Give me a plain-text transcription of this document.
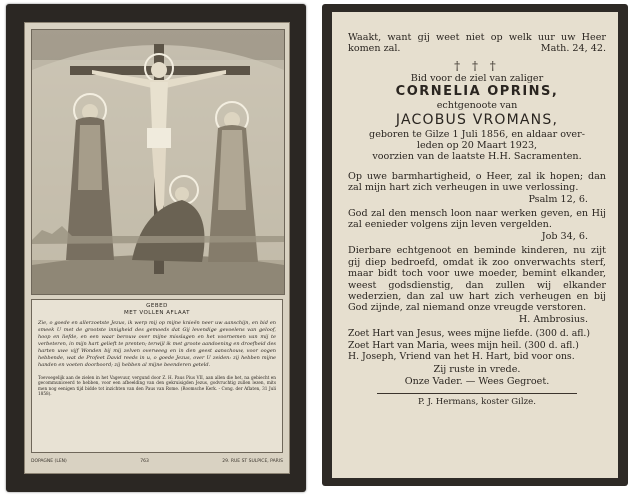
GEBED
MET VOLLEN AFLAAT
Zie, o goede en allerzoetste Jezus, ik werp mij op mijne knieën neer uw aanschijn, en bid en smeek U met de grootste innigheid des gemoeds dat Gij levendige gevoelens van geloof, hoop en liefde, en een waar berouw over mijne misslagen en het voornemen van mij te verbeteren, in mijn hart gelieft te prenten; terwijl ik met groote aandoening en droefheid des harten uwe vijf Wonden bij mij zelven overweeg en in den geest aanschouw, voor oogen hebbende, wat de Profeet David reeds in u, o goede Jezus, over U zeiden: zij hebben mijne handen en voeten doorboord; zij hebben al mijne beenderen geteld.
Toevoegelijk aan de zielen in het Vagevuur, vergund door Z. H. Paus Pius VII, aan allen die het, na gebiecht en gecommuniceerd te hebben, voor een afbeelding van den gekruisigden Jezus, godvruchtig zullen lezen, mits men nog eenigen tijd bidde tot inzichten van den Paus van Rome. (Roomsche Kerk. - Cong. der Aflaten, 31 Juli 1858).
DOPAGNE (LEN)	763	29. RUE ST SULPICE, PARIS
Waakt, want gij weet niet op welk uur uw Heer komen zal.	Math. 24, 42.
† † †
Bid voor de ziel van zaliger
CORNELIA OPRINS,
echtgenoote van
JACOBUS VROMANS,
geboren te Gilze 1 Juli 1856, en aldaar over-
leden op 20 Maart 1923,
voorzien van de laatste H.H. Sacramenten.
Op uwe barmhartigheid, o Heer, zal ik hopen; dan zal mijn hart zich verheugen in uwe verlossing.
Psalm 12, 6.
God zal den mensch loon naar werken geven, en Hij zal eenieder volgens zijn leven vergelden.
Job 34, 6.
Dierbare echtgenoot en beminde kinderen, nu zijt gij diep bedroefd, omdat ik zoo onverwachts sterf, maar bidt toch voor uwe moeder, bemint elkander, weest godsdienstig, dan zullen wij elkander wederzien, dan zal uw hart zich verheugen en bij God zijnde, zal niemand onze vreugde verstoren.
H. Ambrosius.
Zoet Hart van Jesus, wees mijne liefde. (300 d. afl.)
Zoet Hart van Maria, wees mijn heil. (300 d. afl.)
H. Joseph, Vriend van het H. Hart, bid voor ons.
Zij ruste in vrede.
Onze Vader. — Wees Gegroet.
P. J. Hermans, koster Gilze.
